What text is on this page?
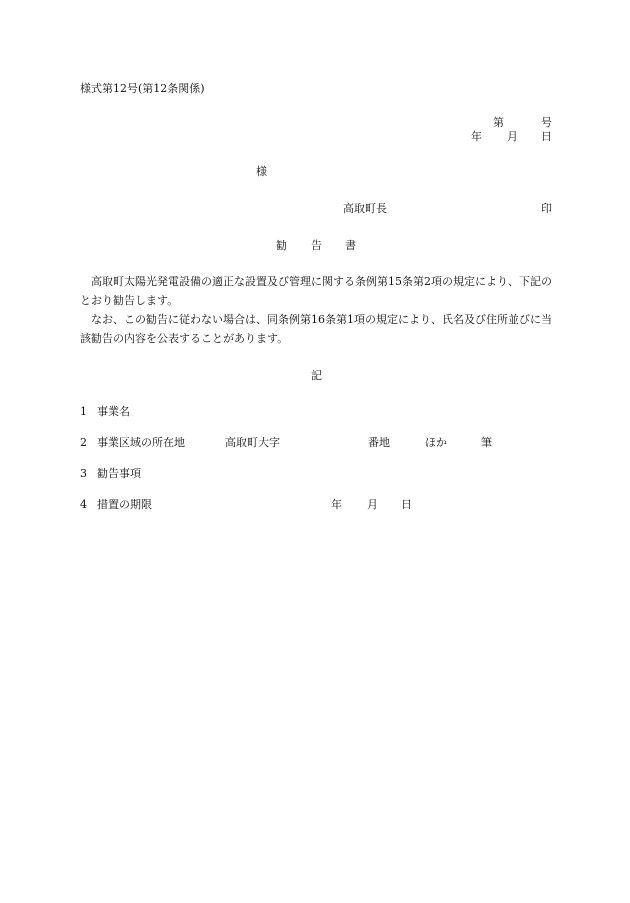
様式第12号(第12条関係)
第	号
年 月 日
様
高取町長	印
勧 告 書

高取町太陽光発電設備の適正な設置及び管理に関する条例第15条第2項の規定により、下記のとおり勧告します。

なお、この勧告に従わない場合は、同条例第16条第1項の規定により、氏名及び住所並びに当該勧告の内容を公表することがあります。

記
1 事業名
2 事業区域の所在地	高取町大字	番地	ほか	筆
3 勧告事項
4 措置の期限	年 月 日
